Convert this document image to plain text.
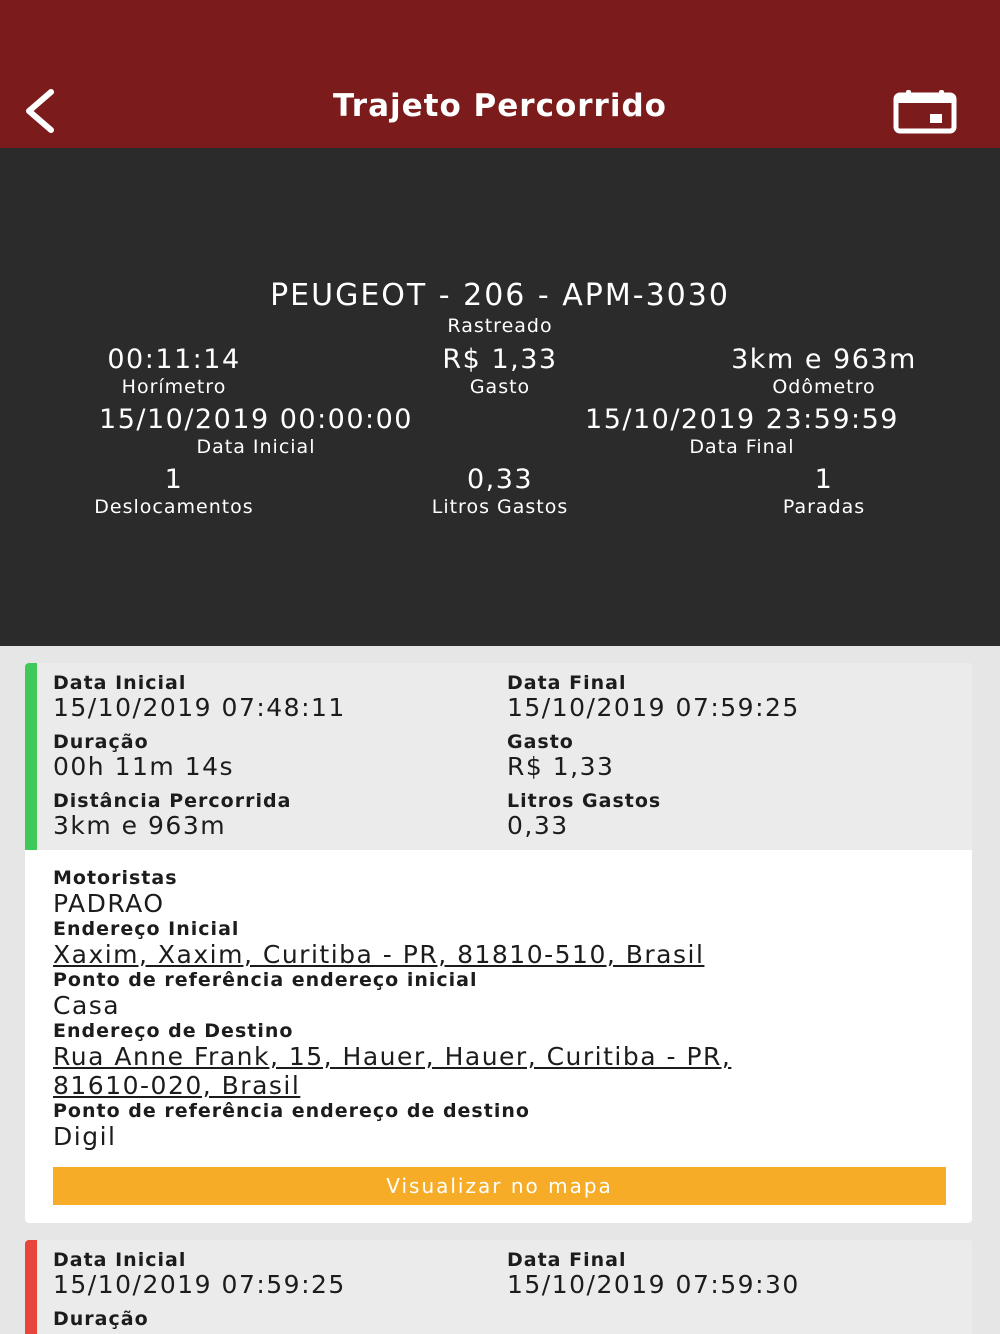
Trajeto Percorrido
PEUGEOT - 206 - APM-3030
Rastreado
00:11:14
Horímetro
R$ 1,33
Gasto
3km e 963m
Odômetro
15/10/2019 00:00:00
Data Inicial
15/10/2019 23:59:59
Data Final
1
Deslocamentos
0,33
Litros Gastos
1
Paradas
Data Inicial
15/10/2019 07:48:11
Data Final
15/10/2019 07:59:25
Duração
00h 11m 14s
Gasto
R$ 1,33
Distância Percorrida
3km e 963m
Litros Gastos
0,33
Motoristas
PADRAO
Endereço Inicial
Xaxim, Xaxim, Curitiba - PR, 81810-510, Brasil
Ponto de referência endereço inicial
Casa
Endereço de Destino
Rua Anne Frank, 15, Hauer, Hauer, Curitiba - PR,
81610-020, Brasil
Ponto de referência endereço de destino
Digil
Visualizar no mapa
Data Inicial
15/10/2019 07:59:25
Data Final
15/10/2019 07:59:30
Duração
